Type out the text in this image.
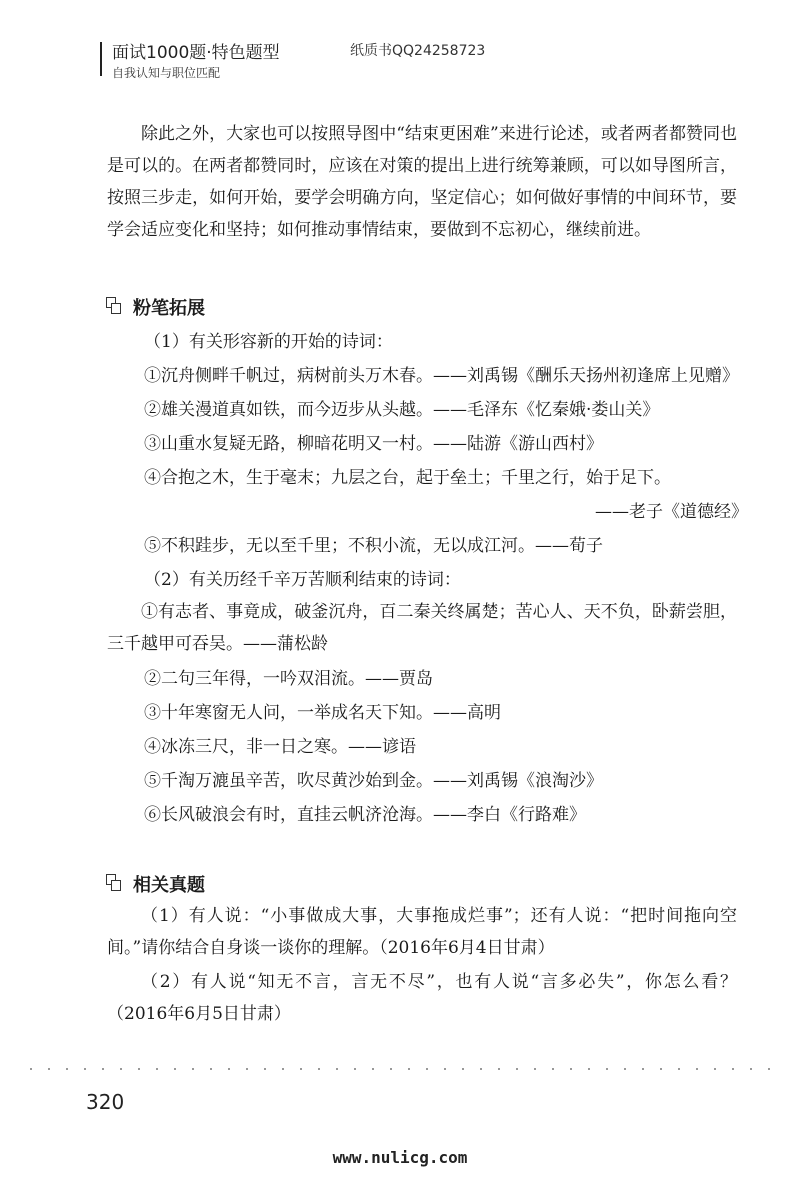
面试1000题·特色题型
自我认知与职位匹配
纸质书QQ24258723

除此之外，大家也可以按照导图中“结束更困难”来进行论述，或者两者都赞同也是可以的。在两者都赞同时，应该在对策的提出上进行统筹兼顾，可以如导图所言，按照三步走，如何开始，要学会明确方向，坚定信心；如何做好事情的中间环节，要学会适应变化和坚持；如何推动事情结束，要做到不忘初心，继续前进。

粉笔拓展
（1）有关形容新的开始的诗词：
①沉舟侧畔千帆过，病树前头万木春。——刘禹锡《酬乐天扬州初逢席上见赠》
②雄关漫道真如铁，而今迈步从头越。——毛泽东《忆秦娥·娄山关》
③山重水复疑无路，柳暗花明又一村。——陆游《游山西村》
④合抱之木，生于毫末；九层之台，起于垒土；千里之行，始于足下。
——老子《道德经》
⑤不积跬步，无以至千里；不积小流，无以成江河。——荀子
（2）有关历经千辛万苦顺利结束的诗词：

①有志者、事竟成，破釜沉舟，百二秦关终属楚；苦心人、天不负，卧薪尝胆，三千越甲可吞吴。——蒲松龄

②二句三年得，一吟双泪流。——贾岛
③十年寒窗无人问，一举成名天下知。——高明
④冰冻三尺，非一日之寒。——谚语
⑤千淘万漉虽辛苦，吹尽黄沙始到金。——刘禹锡《浪淘沙》
⑥长风破浪会有时，直挂云帆济沧海。——李白《行路难》
相关真题

（1）有人说：“小事做成大事，大事拖成烂事”；还有人说：“把时间拖向空间。”请你结合自身谈一谈你的理解。（2016年6月4日甘肃）

（2）有人说“知无不言，言无不尽”，也有人说“言多必失”，你怎么看？（2016年6月5日甘肃）

320
www.nulicg.com
